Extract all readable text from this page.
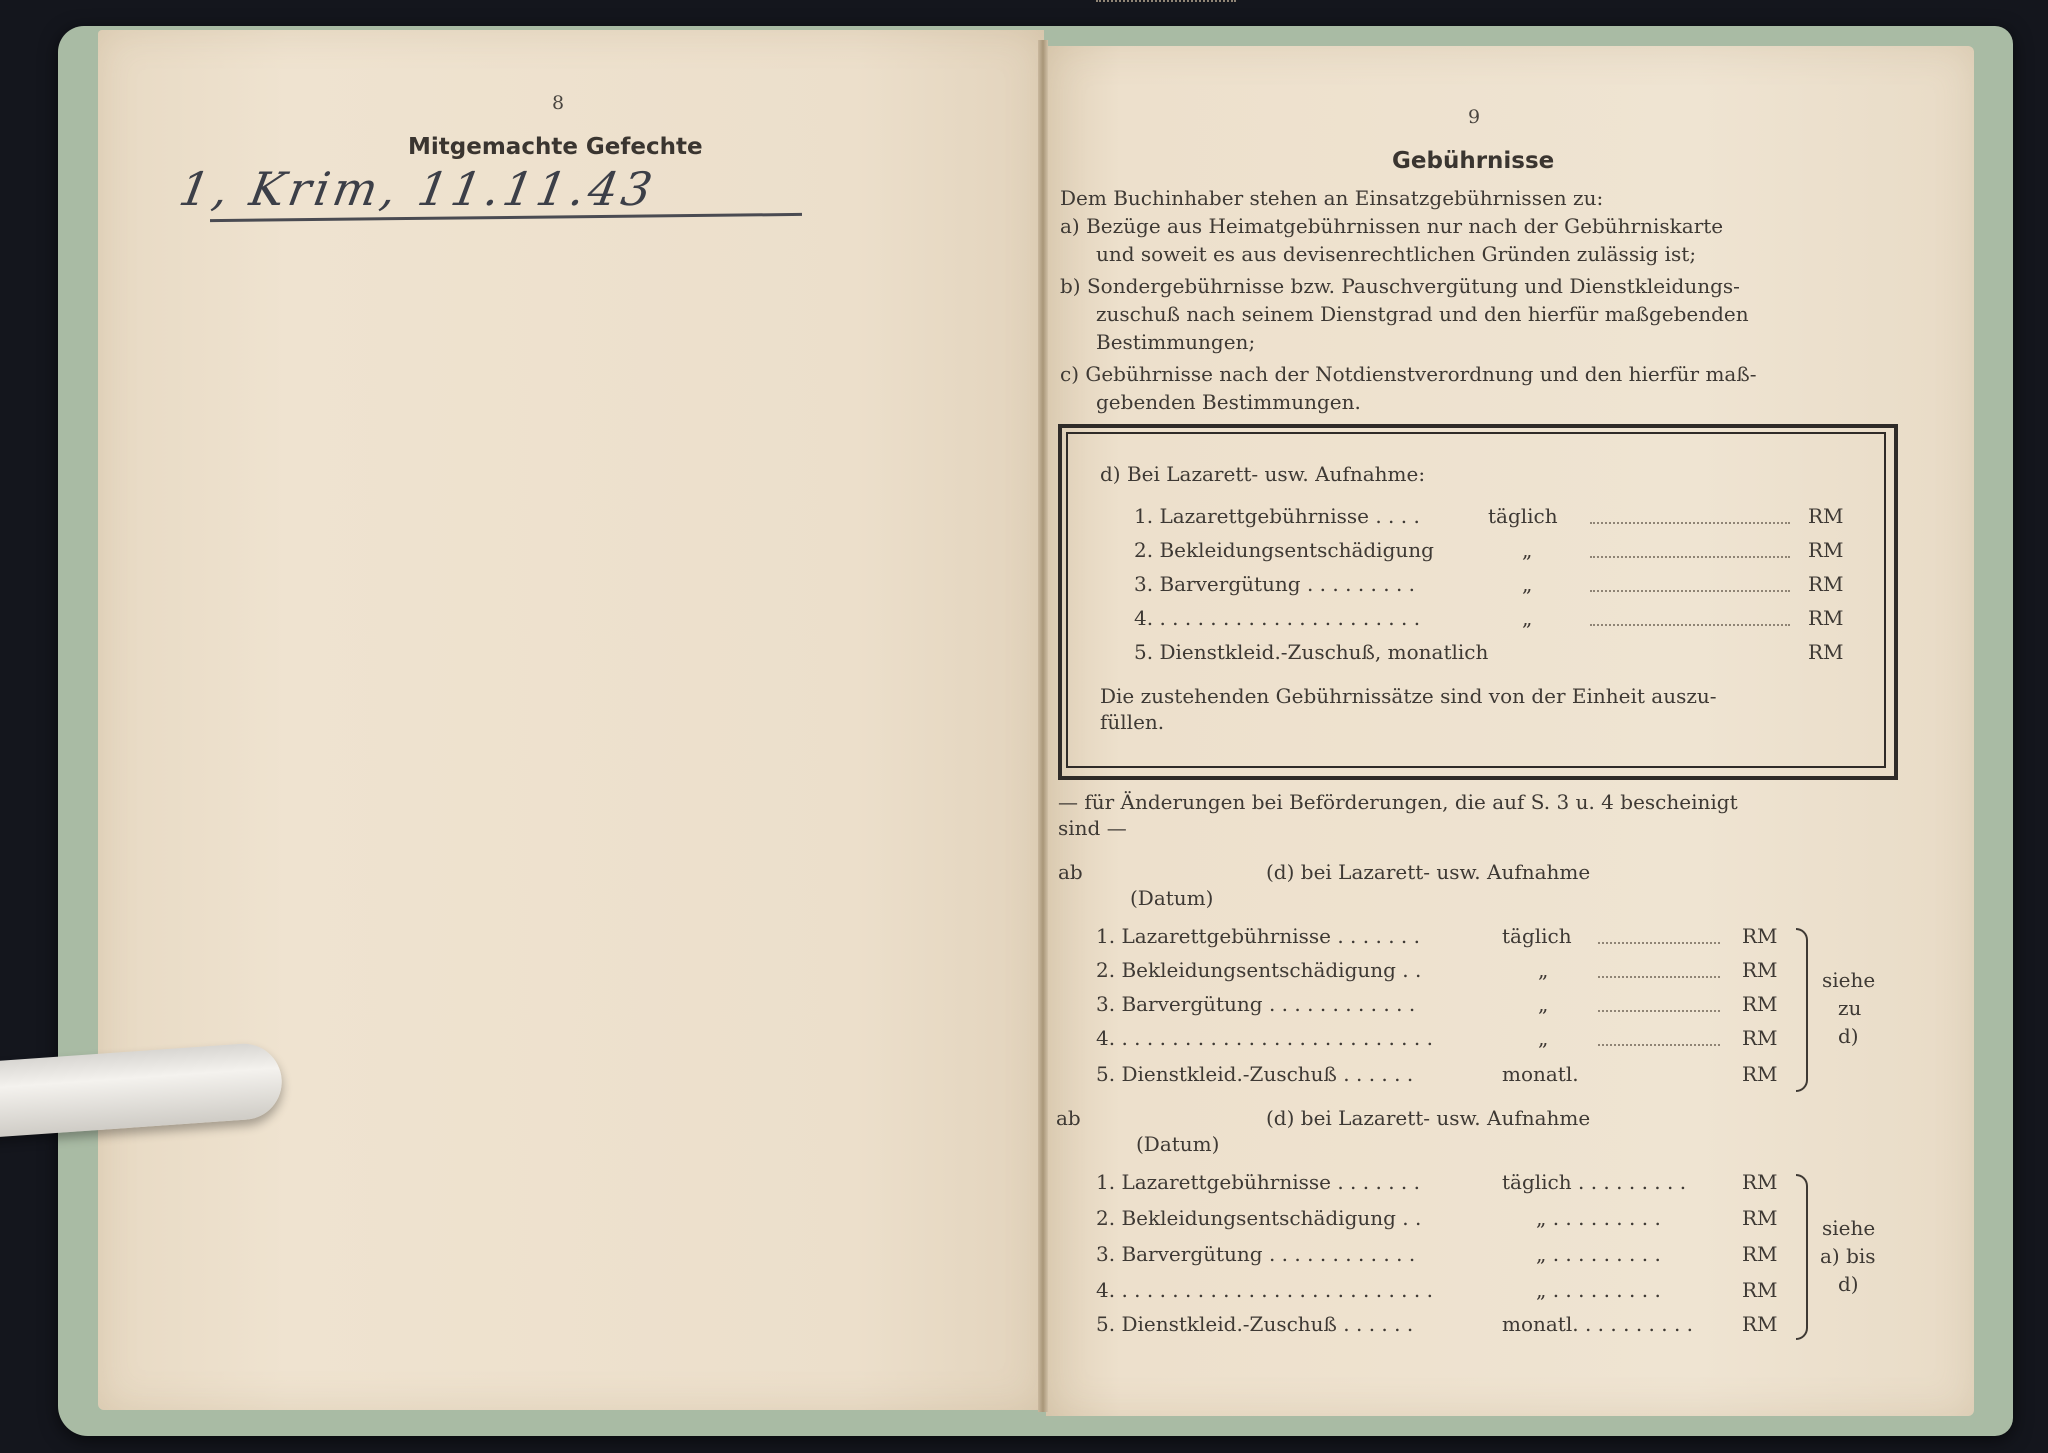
8
Mitgemachte Gefechte
1, Krim, 11.11.43
9
Gebührnisse
Dem Buchinhaber stehen an Einsatzgebührnissen zu:
a) Bezüge aus Heimatgebührnissen nur nach der Gebührniskarte
und soweit es aus devisenrechtlichen Gründen zulässig ist;
b) Sondergebührnisse bzw. Pauschvergütung und Dienstkleidungs-
zuschuß nach seinem Dienstgrad und den hierfür maßgebenden
Bestimmungen;
c) Gebührnisse nach der Notdienstverordnung und den hierfür maß-
gebenden Bestimmungen.
d) Bei Lazarett- usw. Aufnahme:
1. Lazarettgebührnisse . . . .	täglich	RM
2. Bekleidungsentschädigung	„	RM
3. Barvergütung . . . . . . . . .	„	RM
4. . . . . . . . . . . . . . . . . . . . . .	„	RM
5. Dienstkleid.-Zuschuß, monatlich	RM
Die zustehenden Gebührnissätze sind von der Einheit auszu-
füllen.
— für Änderungen bei Beförderungen, die auf S. 3 u. 4 bescheinigt
sind —
ab	(d) bei Lazarett- usw. Aufnahme
(Datum)
1. Lazarettgebührnisse . . . . . . .	täglich	RM
2. Bekleidungsentschädigung . .	„	RM
3. Barvergütung . . . . . . . . . . . .	„	RM
4. . . . . . . . . . . . . . . . . . . . . . . . . .	„	RM
5. Dienstkleid.-Zuschuß . . . . . .	monatl.	RM
siehe
zu
d)
ab	(d) bei Lazarett- usw. Aufnahme
(Datum)
1. Lazarettgebührnisse . . . . . . .	täglich . . . . . . . . .	RM
2. Bekleidungsentschädigung . .	„ . . . . . . . . .	RM
3. Barvergütung . . . . . . . . . . . .	„ . . . . . . . . .	RM
4. . . . . . . . . . . . . . . . . . . . . . . . . .	„ . . . . . . . . .	RM
5. Dienstkleid.-Zuschuß . . . . . .	monatl. . . . . . . . . . RM
siehe
a) bis
d)
